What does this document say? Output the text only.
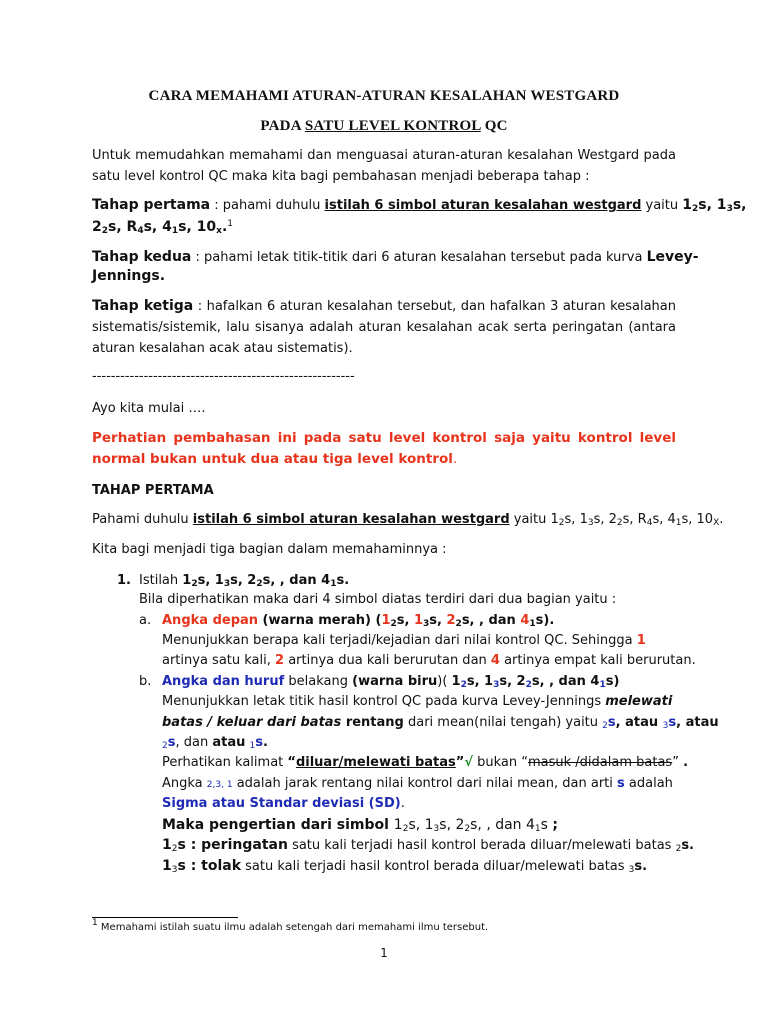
CARA MEMAHAMI ATURAN-ATURAN KESALAHAN WESTGARD
PADA SATU LEVEL KONTROL QC

Untuk memudahkan memahami dan menguasai aturan-aturan kesalahan Westgard pada satu level kontrol QC maka kita bagi pembahasan menjadi beberapa tahap :

Tahap pertama : pahami duhulu istilah 6 simbol aturan kesalahan westgard yaitu $1_2s$, $1_3s$,
$2_2s$, $R_4s$, $4_1s$, $10_x.^1$
Tahap kedua : pahami letak titik-titik dari 6 aturan kesalahan tersebut pada kurva Levey-
Jennings.

Tahap ketiga : hafalkan 6 aturan kesalahan tersebut, dan hafalkan 3 aturan kesalahan sistematis/sistemik, lalu sisanya adalah aturan kesalahan acak serta peringatan (antara aturan kesalahan acak atau sistematis).

--------------------------------------------------------
Ayo kita mulai ….

Perhatian pembahasan ini pada satu level kontrol saja yaitu kontrol level normal bukan untuk dua atau tiga level kontrol.

TAHAP PERTAMA
Pahami duhulu istilah 6 simbol aturan kesalahan westgard yaitu $1_2s$, $1_3s$, $2_2s$, $R_4s$, $4_1s$, $10_X$.
Kita bagi menjadi tiga bagian dalam memahaminnya :
1. Istilah $1_2s$, $1_3s$, $2_2s$, , dan $4_1s$.
Bila diperhatikan maka dari 4 simbol diatas terdiri dari dua bagian yaitu :
a. Angka depan (warna merah) ($1_2s$, $1_3s$, $2_2s$, , dan $4_1s$).
Menunjukkan berapa kali terjadi/kejadian dari nilai kontrol QC. Sehingga 1
artinya satu kali, 2 artinya dua kali berurutan dan 4 artinya empat kali berurutan.
b. Angka dan huruf belakang (warna biru)( $1_2s$, $1_3s$, $2_2s$, , dan $4_1s$)
Menunjukkan letak titik hasil kontrol QC pada kurva Levey-Jennings melewati
batas / keluar dari batas rentang dari mean(nilai tengah) yaitu $_2$s, atau $_3$s, atau
$_2$s, dan atau $_1$s.
Perhatikan kalimat “diluar/melewati batas”√ bukan “masuk /didalam batas” .
Angka 2,3, 1 adalah jarak rentang nilai kontrol dari nilai mean, dan arti s adalah
Sigma atau Standar deviasi (SD).
Maka pengertian dari simbol $1_2s$, $1_3s$, $2_2s$, , dan $4_1s$ ;
$1_2s$ : peringatan satu kali terjadi hasil kontrol berada diluar/melewati batas $_2$s.
$1_3s$ : tolak satu kali terjadi hasil kontrol berada diluar/melewati batas $_3$s.
$^1$ Memahami istilah suatu ilmu adalah setengah dari memahami ilmu tersebut.
1
